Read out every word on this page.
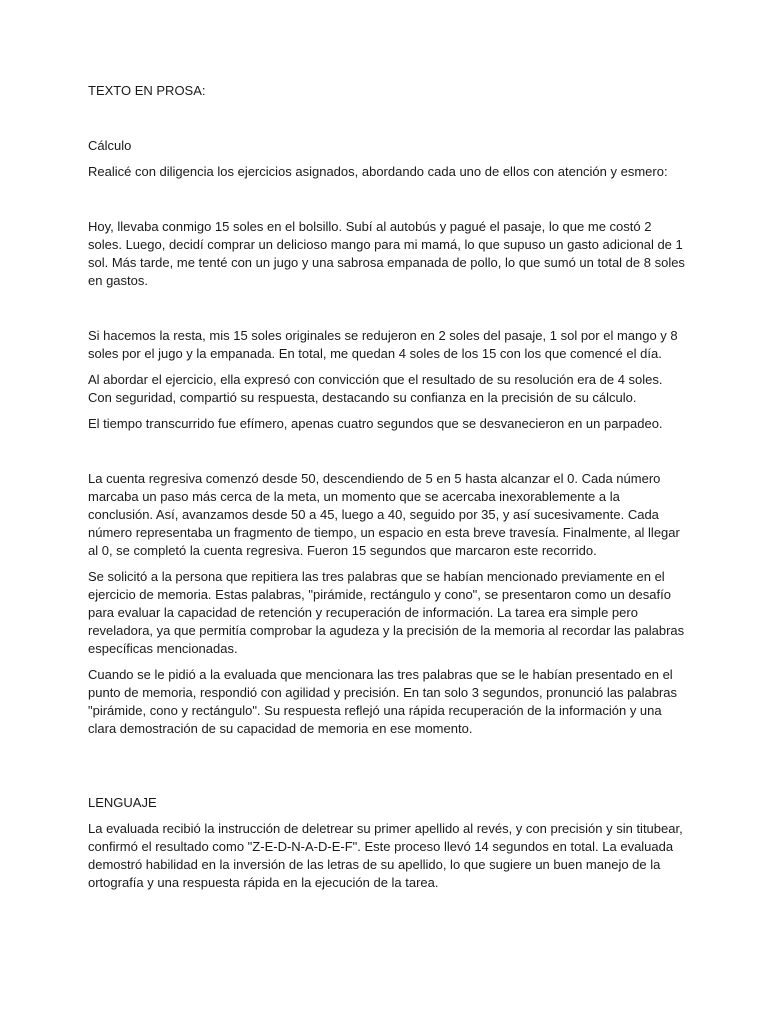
TEXTO EN PROSA:

Cálculo

Realicé con diligencia los ejercicios asignados, abordando cada uno de ellos con atención y esmero:

Hoy, llevaba conmigo 15 soles en el bolsillo. Subí al autobús y pagué el pasaje, lo que me costó 2 soles. Luego, decidí comprar un delicioso mango para mi mamá, lo que supuso un gasto adicional de 1 sol. Más tarde, me tenté con un jugo y una sabrosa empanada de pollo, lo que sumó un total de 8 soles en gastos.

Si hacemos la resta, mis 15 soles originales se redujeron en 2 soles del pasaje, 1 sol por el mango y 8 soles por el jugo y la empanada. En total, me quedan 4 soles de los 15 con los que comencé el día.

Al abordar el ejercicio, ella expresó con convicción que el resultado de su resolución era de 4 soles. Con seguridad, compartió su respuesta, destacando su confianza en la precisión de su cálculo.

El tiempo transcurrido fue efímero, apenas cuatro segundos que se desvanecieron en un parpadeo.

La cuenta regresiva comenzó desde 50, descendiendo de 5 en 5 hasta alcanzar el 0. Cada número marcaba un paso más cerca de la meta, un momento que se acercaba inexorablemente a la conclusión. Así, avanzamos desde 50 a 45, luego a 40, seguido por 35, y así sucesivamente. Cada número representaba un fragmento de tiempo, un espacio en esta breve travesía. Finalmente, al llegar al 0, se completó la cuenta regresiva. Fueron 15 segundos que marcaron este recorrido.

Se solicitó a la persona que repitiera las tres palabras que se habían mencionado previamente en el ejercicio de memoria. Estas palabras, "pirámide, rectángulo y cono", se presentaron como un desafío para evaluar la capacidad de retención y recuperación de información. La tarea era simple pero reveladora, ya que permitía comprobar la agudeza y la precisión de la memoria al recordar las palabras específicas mencionadas.

Cuando se le pidió a la evaluada que mencionara las tres palabras que se le habían presentado en el punto de memoria, respondió con agilidad y precisión. En tan solo 3 segundos, pronunció las palabras "pirámide, cono y rectángulo". Su respuesta reflejó una rápida recuperación de la información y una clara demostración de su capacidad de memoria en ese momento.

LENGUAJE

La evaluada recibió la instrucción de deletrear su primer apellido al revés, y con precisión y sin titubear, confirmó el resultado como "Z-E-D-N-A-D-E-F". Este proceso llevó 14 segundos en total. La evaluada demostró habilidad en la inversión de las letras de su apellido, lo que sugiere un buen manejo de la ortografía y una respuesta rápida en la ejecución de la tarea.
